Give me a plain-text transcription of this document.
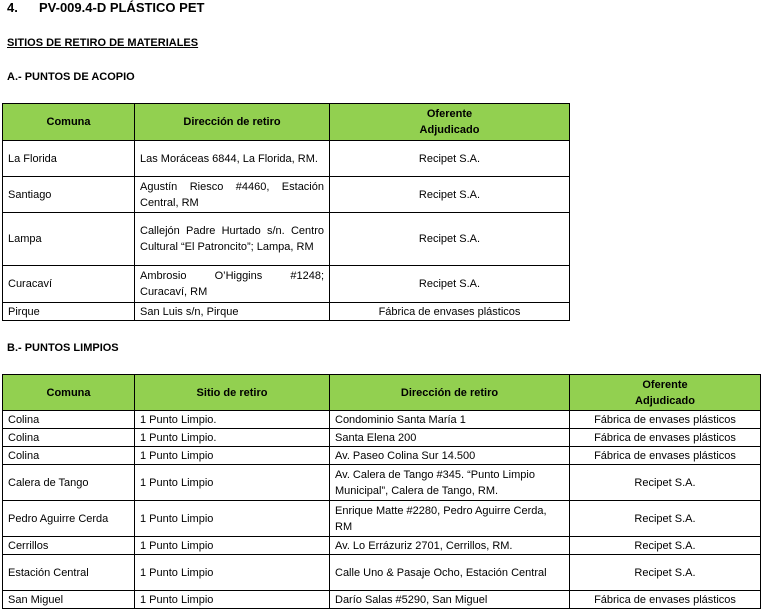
4. PV-009.4-D PLÁSTICO PET
SITIOS DE RETIRO DE MATERIALES
A.- PUNTOS DE ACOPIO
Comuna	Dirección de retiro	Oferente
Adjudicado
La Florida	Las Moráceas 6844, La Florida, RM.	Recipet S.A.
Santiago	Agustín Riesco #4460, Estación Central, RM	Recipet S.A.
Lampa	Callejón Padre Hurtado s/n. Centro Cultural “El Patroncito”; Lampa, RM	Recipet S.A.
Curacaví	Ambrosio O’Higgins #1248; Curacaví, RM	Recipet S.A.
Pirque	San Luis s/n, Pirque	Fábrica de envases plásticos
B.- PUNTOS LIMPIOS
Comuna	Sitio de retiro	Dirección de retiro	Oferente
Adjudicado
Colina	1 Punto Limpio.	Condominio Santa María 1	Fábrica de envases plásticos
Colina	1 Punto Limpio.	Santa Elena 200	Fábrica de envases plásticos
Colina	1 Punto Limpio	Av. Paseo Colina Sur 14.500	Fábrica de envases plásticos
Calera de Tango	1 Punto Limpio	Av. Calera de Tango #345. “Punto Limpio Municipal”, Calera de Tango, RM.	Recipet S.A.
Pedro Aguirre Cerda	1 Punto Limpio	Enrique Matte #2280, Pedro Aguirre Cerda, RM	Recipet S.A.
Cerrillos	1 Punto Limpio	Av. Lo Errázuriz 2701, Cerrillos, RM.	Recipet S.A.
Estación Central	1 Punto Limpio	Calle Uno & Pasaje Ocho, Estación Central	Recipet S.A.
San Miguel	1 Punto Limpio	Darío Salas #5290, San Miguel	Fábrica de envases plásticos
